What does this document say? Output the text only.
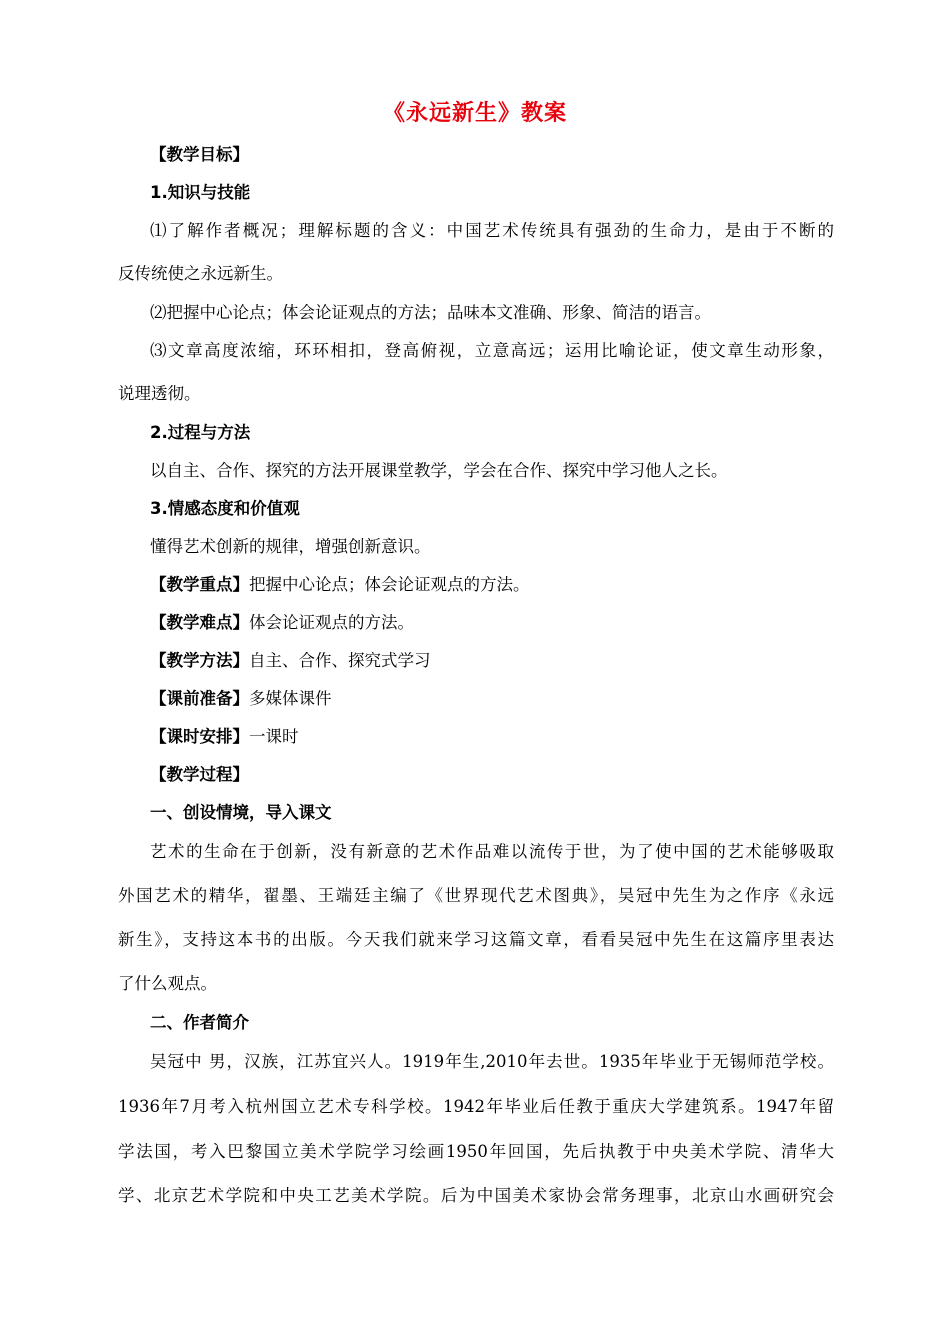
《永远新生》教案

【教学目标】

1.知识与技能

⑴了解作者概况；理解标题的含义：中国艺术传统具有强劲的生命力，是由于不断的

反传统使之永远新生。

⑵把握中心论点；体会论证观点的方法；品味本文准确、形象、简洁的语言。

⑶文章高度浓缩，环环相扣，登高俯视，立意高远；运用比喻论证，使文章生动形象，

说理透彻。

2.过程与方法

以自主、合作、探究的方法开展课堂教学，学会在合作、探究中学习他人之长。

3.情感态度和价值观

懂得艺术创新的规律，增强创新意识。

【教学重点】把握中心论点；体会论证观点的方法。

【教学难点】体会论证观点的方法。

【教学方法】自主、合作、探究式学习

【课前准备】多媒体课件

【课时安排】一课时

【教学过程】

一、创设情境，导入课文

艺术的生命在于创新，没有新意的艺术作品难以流传于世，为了使中国的艺术能够吸取

外国艺术的精华，翟墨、王端廷主编了《世界现代艺术图典》，吴冠中先生为之作序《永远

新生》，支持这本书的出版。今天我们就来学习这篇文章，看看吴冠中先生在这篇序里表达

了什么观点。

二、作者简介

吴冠中 男，汉族，江苏宜兴人。1919年生,2010年去世。1935年毕业于无锡师范学校。

1936年7月考入杭州国立艺术专科学校。1942年毕业后任教于重庆大学建筑系。1947年留

学法国，考入巴黎国立美术学院学习绘画1950年回国，先后执教于中央美术学院、清华大

学、北京艺术学院和中央工艺美术学院。后为中国美术家协会常务理事，北京山水画研究会
